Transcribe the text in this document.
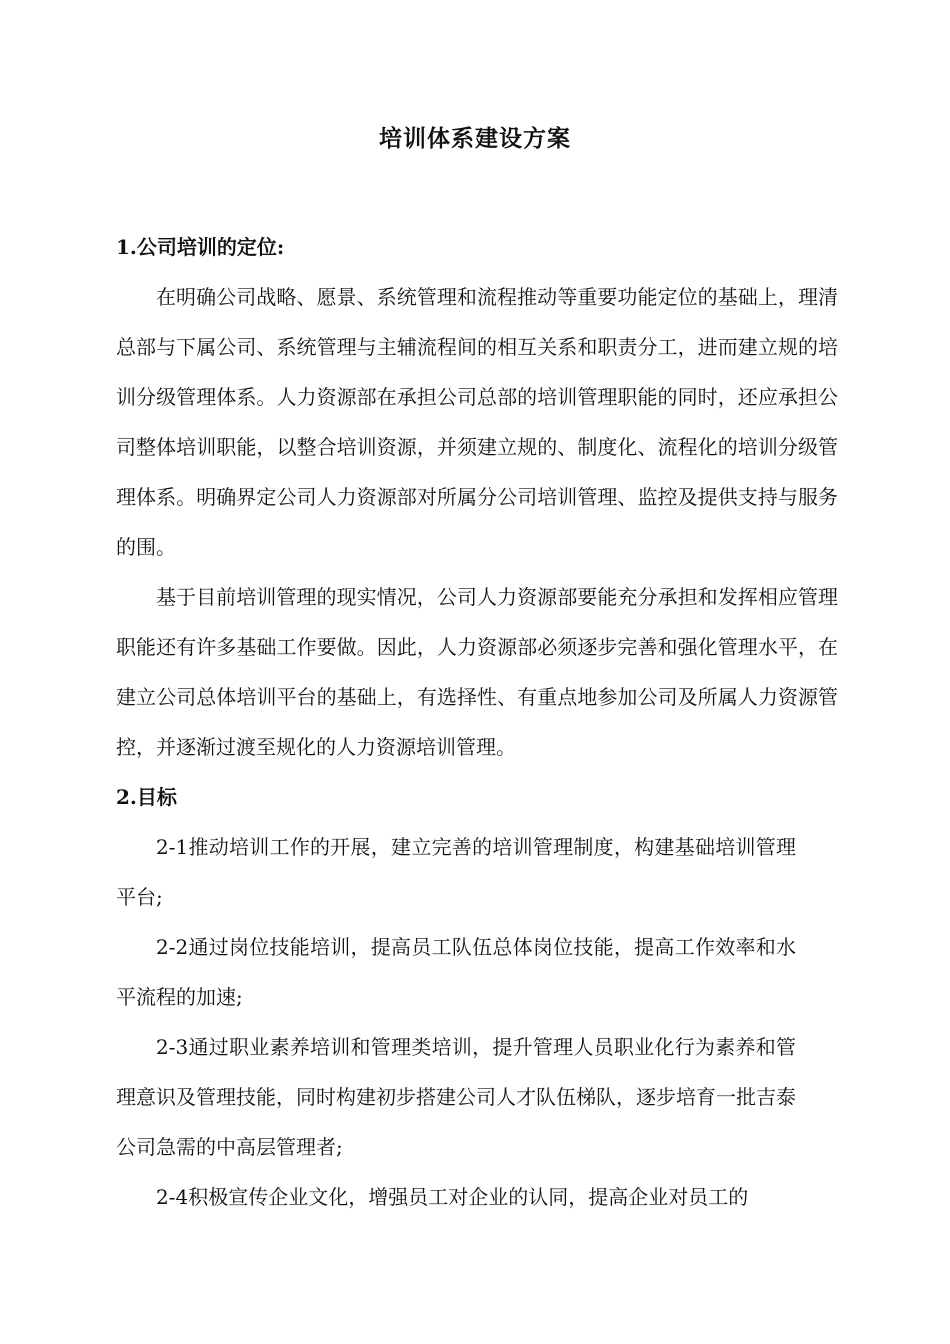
培训体系建设方案
1.公司培训的定位:

在明确公司战略、愿景、系统管理和流程推动等重要功能定位的基础上，理清总部与下属公司、系统管理与主辅流程间的相互关系和职责分工，进而建立规的培训分级管理体系。人力资源部在承担公司总部的培训管理职能的同时，还应承担公司整体培训职能，以整合培训资源，并须建立规的、制度化、流程化的培训分级管理体系。明确界定公司人力资源部对所属分公司培训管理、监控及提供支持与服务的围。

基于目前培训管理的现实情况，公司人力资源部要能充分承担和发挥相应管理职能还有许多基础工作要做。因此，人力资源部必须逐步完善和强化管理水平，在建立公司总体培训平台的基础上，有选择性、有重点地参加公司及所属人力资源管控，并逐渐过渡至规化的人力资源培训管理。

2.目标

2-1推动培训工作的开展，建立完善的培训管理制度，构建基础培训管理平台;

2-2通过岗位技能培训，提高员工队伍总体岗位技能，提高工作效率和水平流程的加速;

2-3通过职业素养培训和管理类培训，提升管理人员职业化行为素养和管理意识及管理技能，同时构建初步搭建公司人才队伍梯队，逐步培育一批吉泰公司急需的中高层管理者;

2-4积极宣传企业文化，增强员工对企业的认同，提高企业对员工的
